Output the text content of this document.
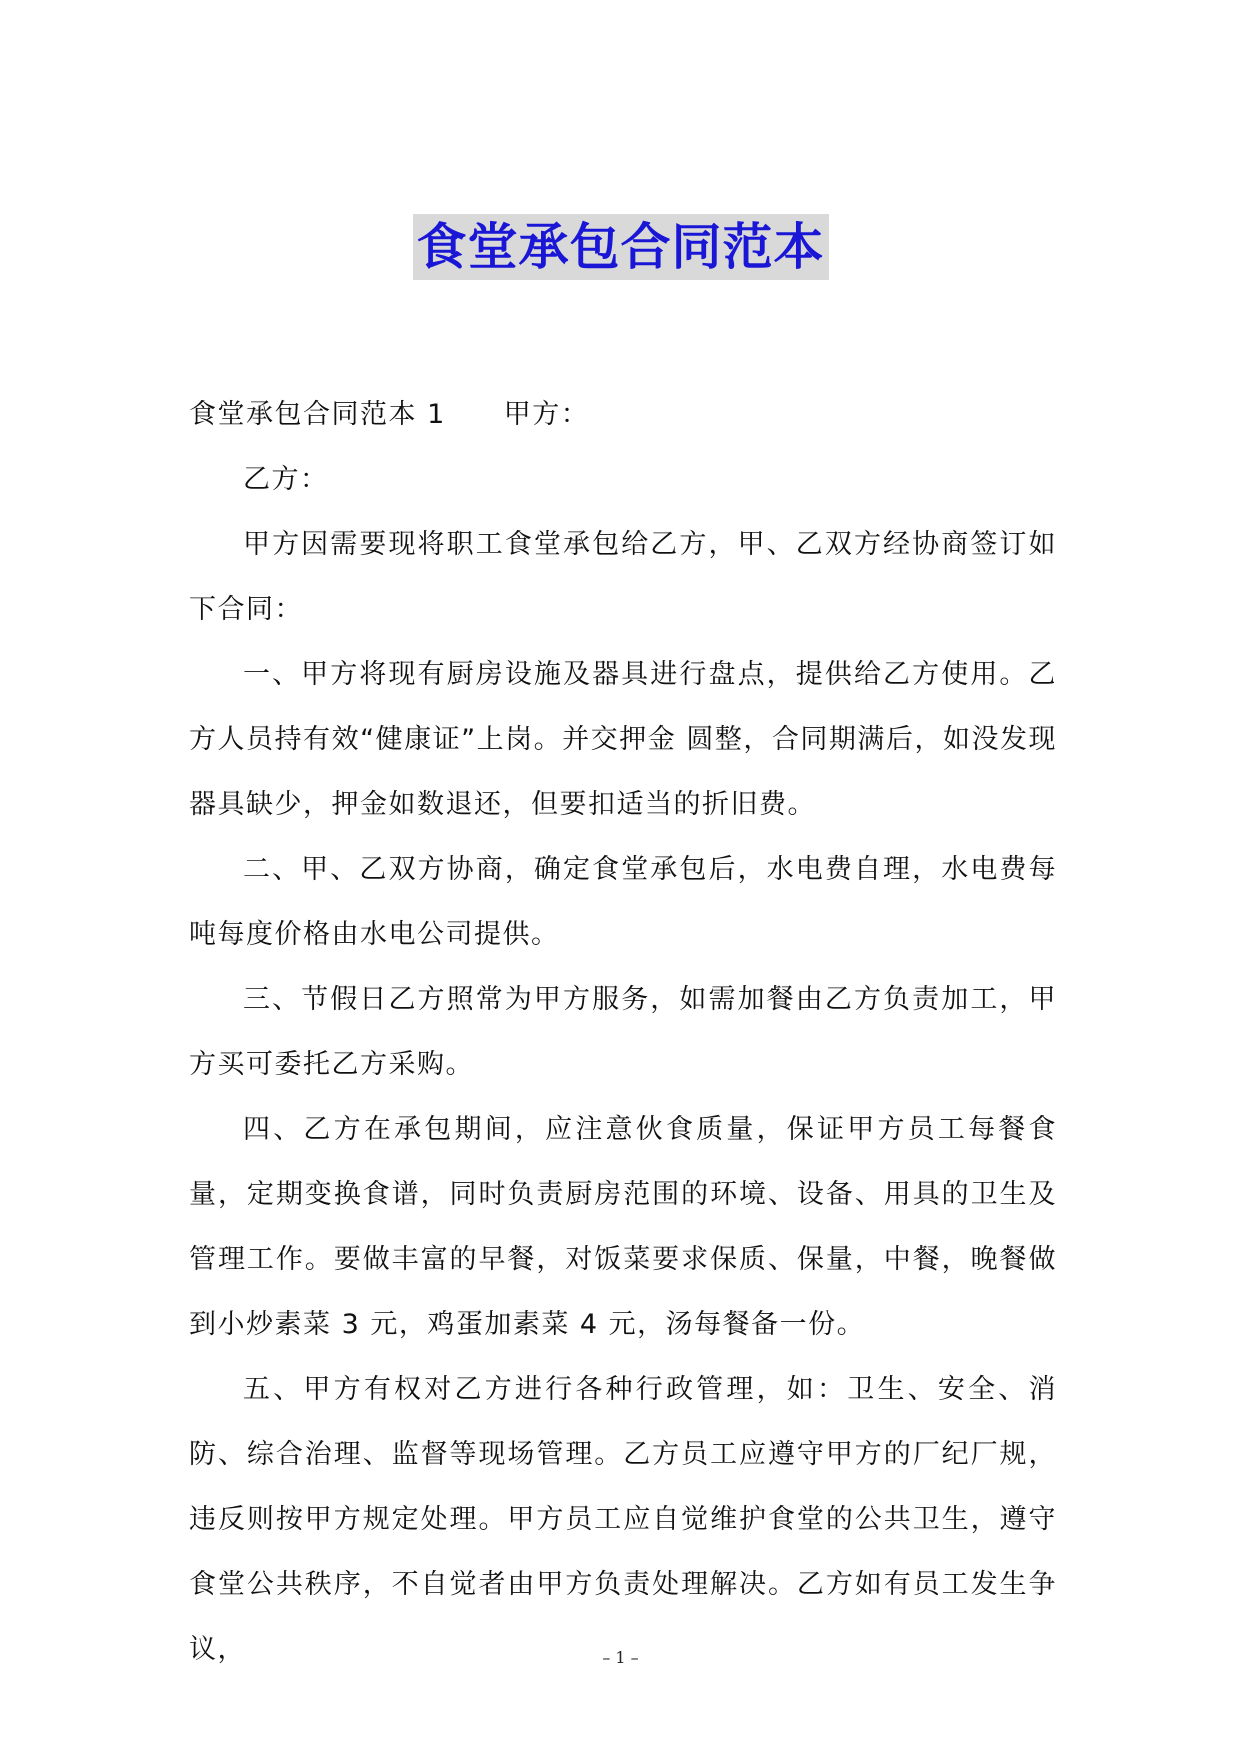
食堂承包合同范本

食堂承包合同范本 1 甲方：

乙方：

甲方因需要现将职工食堂承包给乙方，甲、乙双方经协商签订如下合同：

一、甲方将现有厨房设施及器具进行盘点，提供给乙方使用。乙方人员持有效“健康证”上岗。并交押金 圆整，合同期满后，如没发现器具缺少，押金如数退还，但要扣适当的折旧费。

二、甲、乙双方协商，确定食堂承包后，水电费自理，水电费每吨每度价格由水电公司提供。

三、节假日乙方照常为甲方服务，如需加餐由乙方负责加工，甲方买可委托乙方采购。

四、乙方在承包期间，应注意伙食质量，保证甲方员工每餐食量，定期变换食谱，同时负责厨房范围的环境、设备、用具的卫生及管理工作。要做丰富的早餐，对饭菜要求保质、保量，中餐，晚餐做到小炒素菜 3 元，鸡蛋加素菜 4 元，汤每餐备一份。

五、甲方有权对乙方进行各种行政管理，如：卫生、安全、消防、综合治理、监督等现场管理。乙方员工应遵守甲方的厂纪厂规，违反则按甲方规定处理。甲方员工应自觉维护食堂的公共卫生，遵守食堂公共秩序，不自觉者由甲方负责处理解决。乙方如有员工发生争议，	– 1 –
